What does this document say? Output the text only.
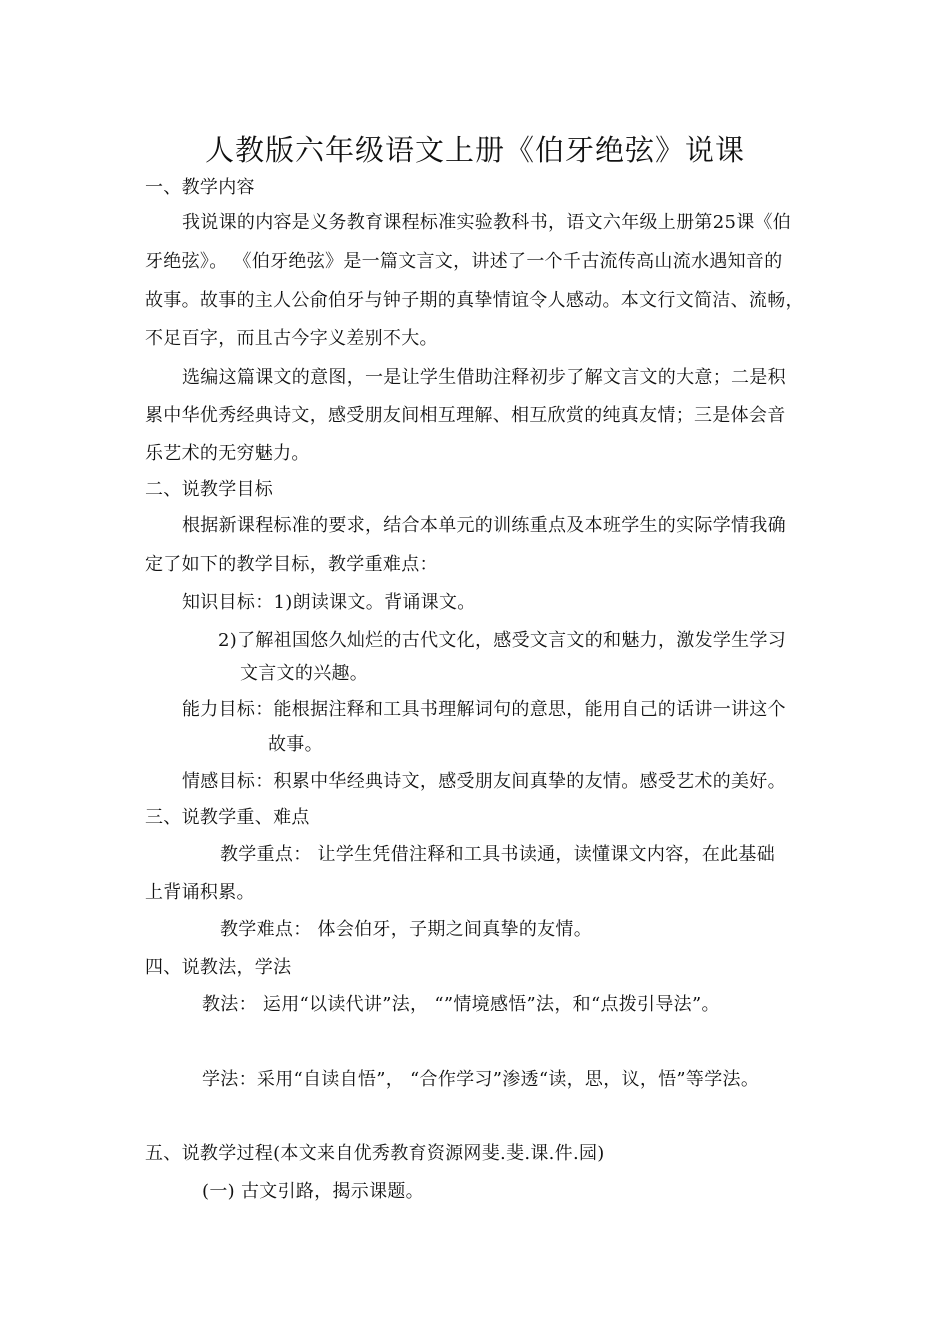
人教版六年级语文上册《伯牙绝弦》说课
一、教学内容
我说课的内容是义务教育课程标准实验教科书，语文六年级上册第25课《伯
牙绝弦》。 《伯牙绝弦》是一篇文言文，讲述了一个千古流传高山流水遇知音的
故事。故事的主人公俞伯牙与钟子期的真挚情谊令人感动。本文行文简洁、流畅，
不足百字，而且古今字义差别不大。
选编这篇课文的意图，一是让学生借助注释初步了解文言文的大意；二是积
累中华优秀经典诗文，感受朋友间相互理解、相互欣赏的纯真友情；三是体会音
乐艺术的无穷魅力。
二、说教学目标
根据新课程标准的要求，结合本单元的训练重点及本班学生的实际学情我确
定了如下的教学目标，教学重难点：
知识目标：1)朗读课文。背诵课文。
2)了解祖国悠久灿烂的古代文化，感受文言文的和魅力，激发学生学习
文言文的兴趣。
能力目标：能根据注释和工具书理解词句的意思，能用自己的话讲一讲这个
故事。
情感目标：积累中华经典诗文，感受朋友间真挚的友情。感受艺术的美好。
三、说教学重、难点
教学重点： 让学生凭借注释和工具书读通，读懂课文内容，在此基础
上背诵积累。
教学难点： 体会伯牙，子期之间真挚的友情。
四、说教法，学法
教法： 运用“以读代讲”法， “”情境感悟”法，和“点拨引导法”。
学法：采用“自读自悟”， “合作学习”渗透“读，思，议，悟”等学法。
五、说教学过程(本文来自优秀教育资源网斐.斐.课.件.园)
(一) 古文引路，揭示课题。
